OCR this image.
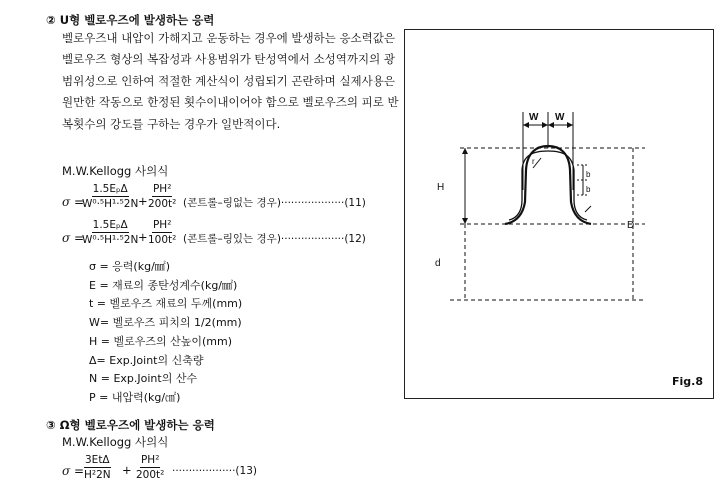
② U형 벨로우즈에 발생하는 응력
벨로우즈내 내압이 가해지고 운동하는 경우에 발생하는 응소력값은
벨로우즈 형상의 복잡성과 사용범위가 탄성역에서 소성역까지의 광
범위성으로 인하여 적절한 계산식이 성립되기 곤란하며 실제사용은
원만한 작동으로 한정된 횟수이내이어야 함으로 벨로우즈의 피로 반
복횟수의 강도를 구하는 경우가 일반적이다.
M.W.Kellogg 사의식
σ =
1.5EₚΔ
$W^0\cdot^5H^1\cdot^52N + \frac{\text{PH²}}{\text{200t²}}$ (콘트롤–링없는 경우)···················(11)
σ =
1.5EₚΔ
$W^0\cdot^5H^1\cdot^52N + \frac{\text{PH²}}{\text{100t²}}$ (콘트롤–링있는 경우)···················(12)
σ = 응력(kg/㎟)
E = 재료의 종탄성계수(kg/㎟)
t = 벨로우즈 재료의 두께(mm)
W= 벨로우즈 피치의 1/2(mm)
H = 벨로우즈의 산높이(mm)
Δ= Exp.Joint의 신축량
N = Exp.Joint의 산수
P = 내압력(kg/㎠)
③ Ω형 벨로우즈에 발생하는 응력
M.W.Kellogg 사의식
σ =
3EtΔ
$H^22N + \frac{\text{PH²}}{\text{200t²}} \cdot\cdot\cdot\cdot\cdot\cdot\cdot\cdot\cdot\cdot\cdot\cdot\cdot\cdot\cdot\cdot\cdot\cdot\cdot(13)$
H
d
D
W W
r
b
b
Fig.8
